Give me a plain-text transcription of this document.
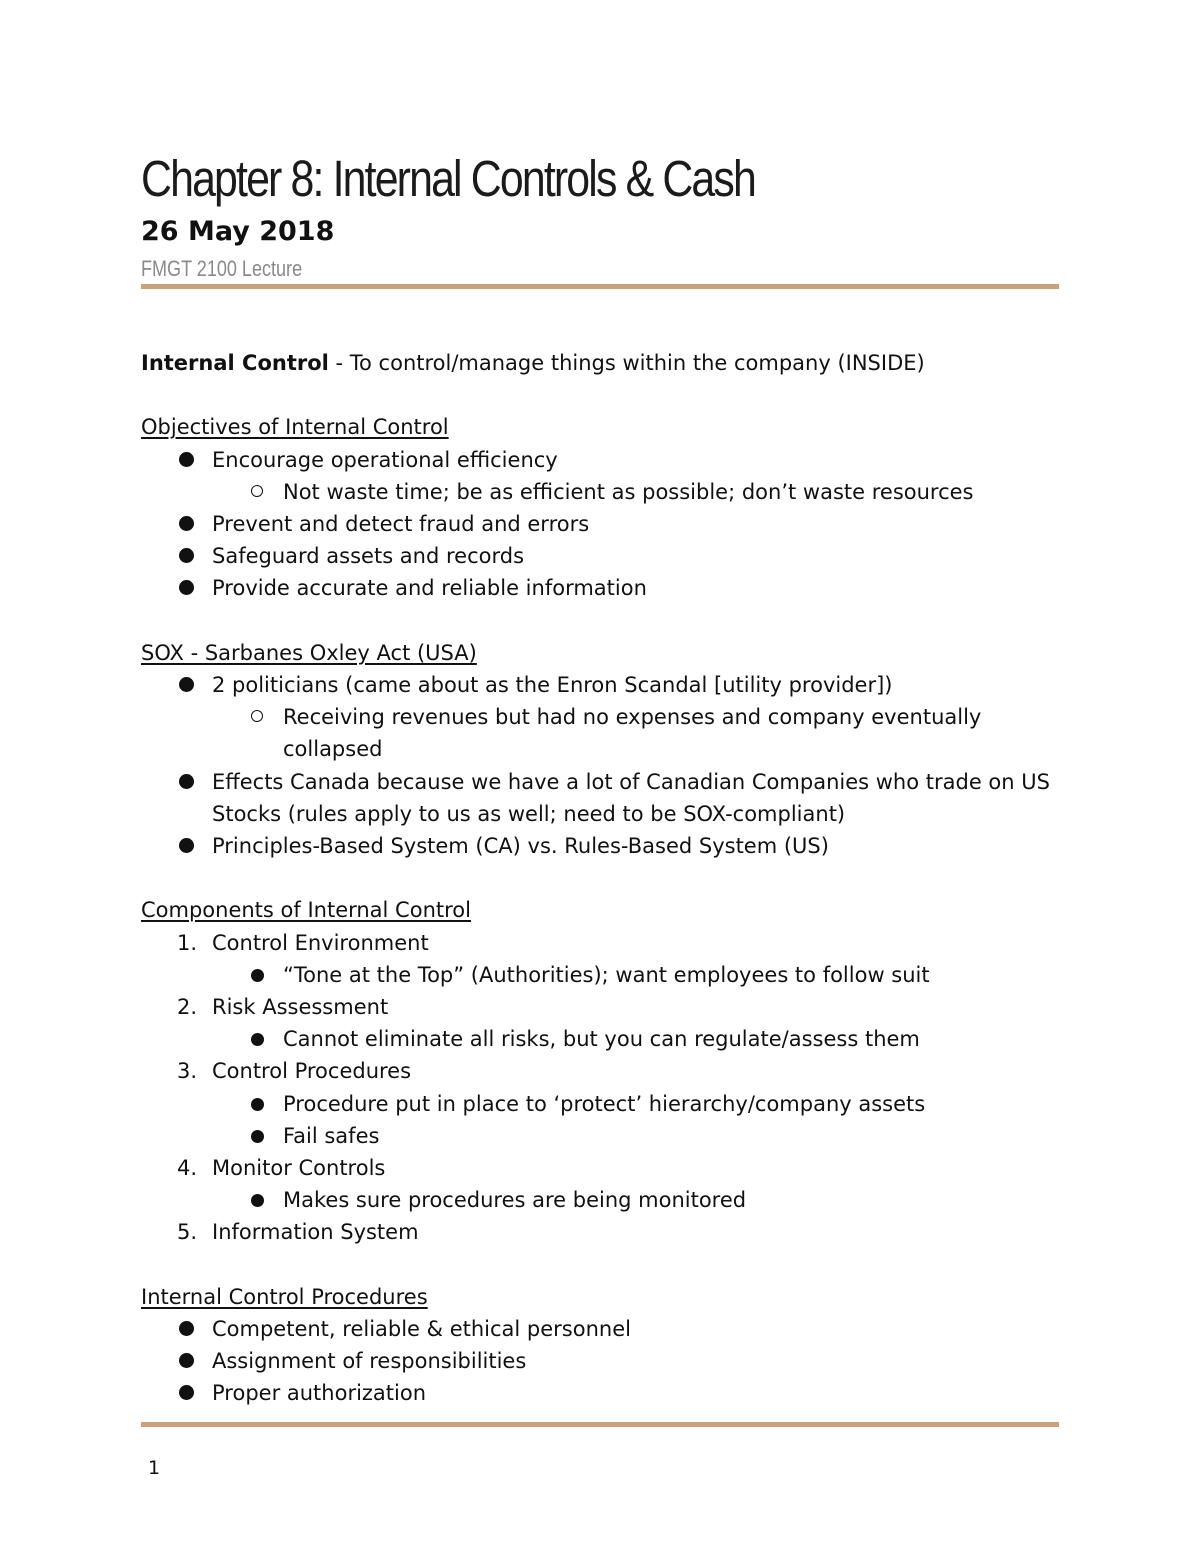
Chapter 8: Internal Controls & Cash
26 May 2018
FMGT 2100 Lecture

Internal Control - To control/manage things within the company (INSIDE)

Objectives of Internal Control

Encourage operational efficiency
Not waste time; be as efficient as possible; don’t waste resources
Prevent and detect fraud and errors
Safeguard assets and records
Provide accurate and reliable information

SOX - Sarbanes Oxley Act (USA)

2 politicians (came about as the Enron Scandal [utility provider])
Receiving revenues but had no expenses and company eventually collapsed
Effects Canada because we have a lot of Canadian Companies who trade on US Stocks (rules apply to us as well; need to be SOX-compliant)
Principles-Based System (CA) vs. Rules-Based System (US)

Components of Internal Control

1. Control Environment
“Tone at the Top” (Authorities); want employees to follow suit
2. Risk Assessment
Cannot eliminate all risks, but you can regulate/assess them
3. Control Procedures
Procedure put in place to ‘protect’ hierarchy/company assets
Fail safes
4. Monitor Controls
Makes sure procedures are being monitored
5. Information System

Internal Control Procedures

Competent, reliable & ethical personnel
Assignment of responsibilities
Proper authorization
1
